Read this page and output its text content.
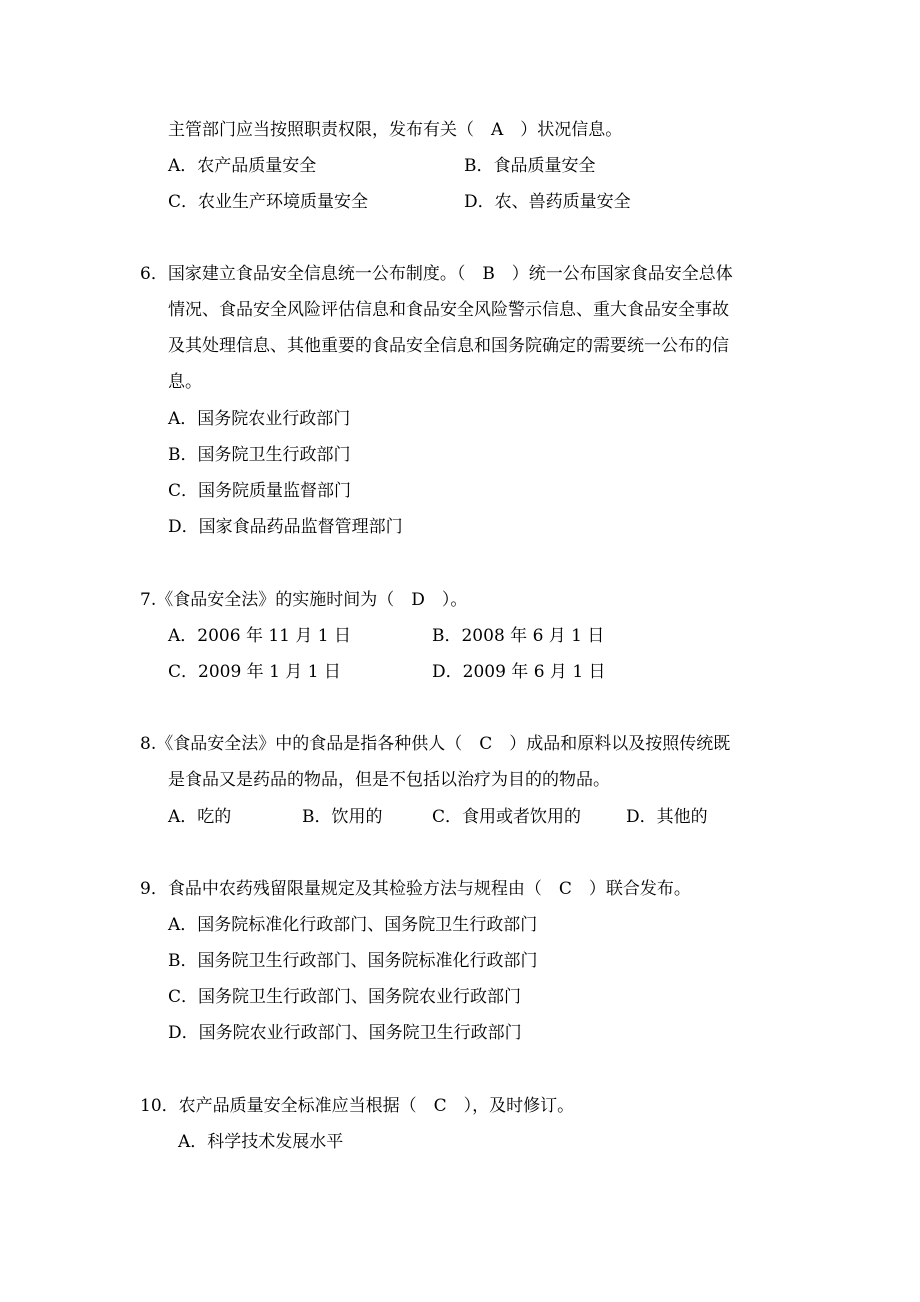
主管部门应当按照职责权限，发布有关（　A　）状况信息。
A．农产品质量安全	B．食品质量安全
C．农业生产环境质量安全	D．农、兽药质量安全
6．国家建立食品安全信息统一公布制度。（　B　）统一公布国家食品安全总体
情况、食品安全风险评估信息和食品安全风险警示信息、重大食品安全事故
及其处理信息、其他重要的食品安全信息和国务院确定的需要统一公布的信
息。
A．国务院农业行政部门
B．国务院卫生行政部门
C．国务院质量监督部门
D．国家食品药品监督管理部门
7.《食品安全法》的实施时间为（　D　）。
A．2006 年 11 月 1 日	B．2008 年 6 月 1 日
C．2009 年 1 月 1 日	D．2009 年 6 月 1 日
8.《食品安全法》中的食品是指各种供人（　C　）成品和原料以及按照传统既
是食品又是药品的物品，但是不包括以治疗为目的的物品。
A．吃的	B．饮用的	C．食用或者饮用的	D．其他的
9．食品中农药残留限量规定及其检验方法与规程由（　C　）联合发布。
A．国务院标准化行政部门、国务院卫生行政部门
B．国务院卫生行政部门、国务院标准化行政部门
C．国务院卫生行政部门、国务院农业行政部门
D．国务院农业行政部门、国务院卫生行政部门
10．农产品质量安全标准应当根据（　C　），及时修订。
A．科学技术发展水平
